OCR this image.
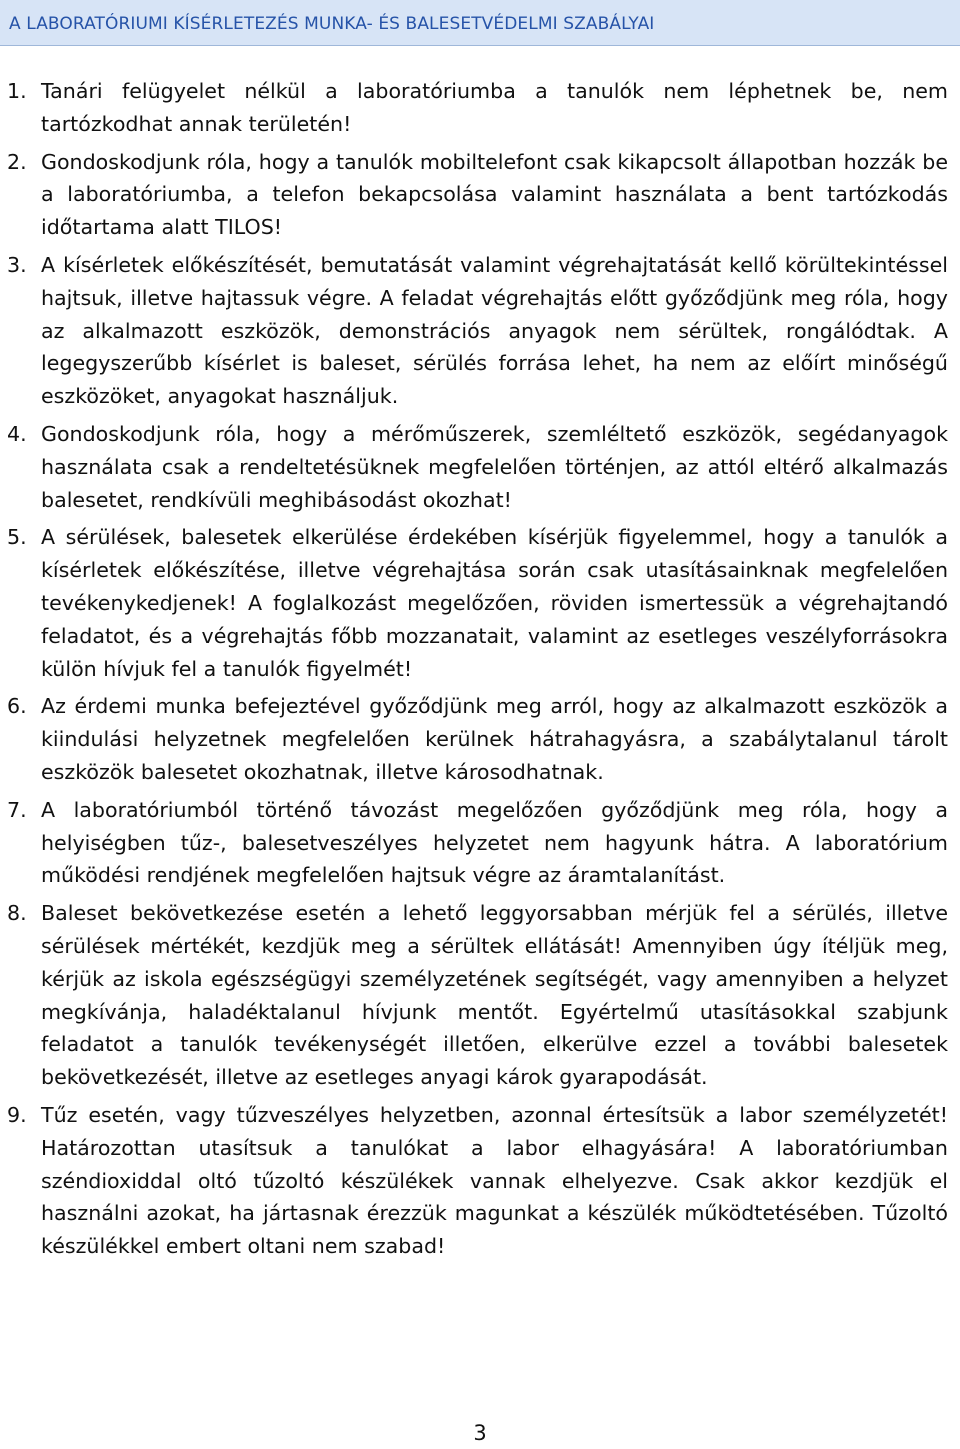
A LABORATÓRIUMI KÍSÉRLETEZÉS MUNKA- ÉS BALESETVÉDELMI SZABÁLYAI
1. Tanári felügyelet nélkül a laboratóriumba a tanulók nem léphetnek be, nem tartózkodhat annak területén!
2. Gondoskodjunk róla, hogy a tanulók mobiltelefont csak kikapcsolt állapotban hozzák be a laboratóriumba, a telefon bekapcsolása valamint használata a bent tartózkodás időtartama alatt TILOS!
3. A kísérletek előkészítését, bemutatását valamint végrehajtatását kellő körültekintéssel hajtsuk, illetve hajtassuk végre. A feladat végrehajtás előtt győződjünk meg róla, hogy az alkalmazott eszközök, demonstrációs anyagok nem sérültek, rongálódtak. A legegyszerűbb kísérlet is baleset, sérülés forrása lehet, ha nem az előírt minőségű eszközöket, anyagokat használjuk.
4. Gondoskodjunk róla, hogy a mérőműszerek, szemléltető eszközök, segédanyagok használata csak a rendeltetésüknek megfelelően történjen, az attól eltérő alkalmazás balesetet, rendkívüli meghibásodást okozhat!
5. A sérülések, balesetek elkerülése érdekében kísérjük figyelemmel, hogy a tanulók a kísérletek előkészítése, illetve végrehajtása során csak utasításainknak megfelelően tevékenykedjenek! A foglalkozást megelőzően, röviden ismertessük a végrehajtandó feladatot, és a végrehajtás főbb mozzanatait, valamint az esetleges veszélyforrásokra külön hívjuk fel a tanulók figyelmét!
6. Az érdemi munka befejeztével győződjünk meg arról, hogy az alkalmazott eszközök a kiindulási helyzetnek megfelelően kerülnek hátrahagyásra, a szabálytalanul tárolt eszközök balesetet okozhatnak, illetve károsodhatnak.
7. A laboratóriumból történő távozást megelőzően győződjünk meg róla, hogy a helyiségben tűz-, balesetveszélyes helyzetet nem hagyunk hátra. A laboratórium működési rendjének megfelelően hajtsuk végre az áramtalanítást.
8. Baleset bekövetkezése esetén a lehető leggyorsabban mérjük fel a sérülés, illetve sérülések mértékét, kezdjük meg a sérültek ellátását! Amennyiben úgy ítéljük meg, kérjük az iskola egészségügyi személyzetének segítségét, vagy amennyiben a helyzet megkívánja, haladéktalanul hívjunk mentőt. Egyértelmű utasításokkal szabjunk feladatot a tanulók tevékenységét illetően, elkerülve ezzel a további balesetek bekövetkezését, illetve az esetleges anyagi károk gyarapodását.
9. Tűz esetén, vagy tűzveszélyes helyzetben, azonnal értesítsük a labor személyzetét! Határozottan utasítsuk a tanulókat a labor elhagyására! A laboratóriumban széndioxiddal oltó tűzoltó készülékek vannak elhelyezve. Csak akkor kezdjük el használni azokat, ha jártasnak érezzük magunkat a készülék működtetésében. Tűzoltó készülékkel embert oltani nem szabad!
3
